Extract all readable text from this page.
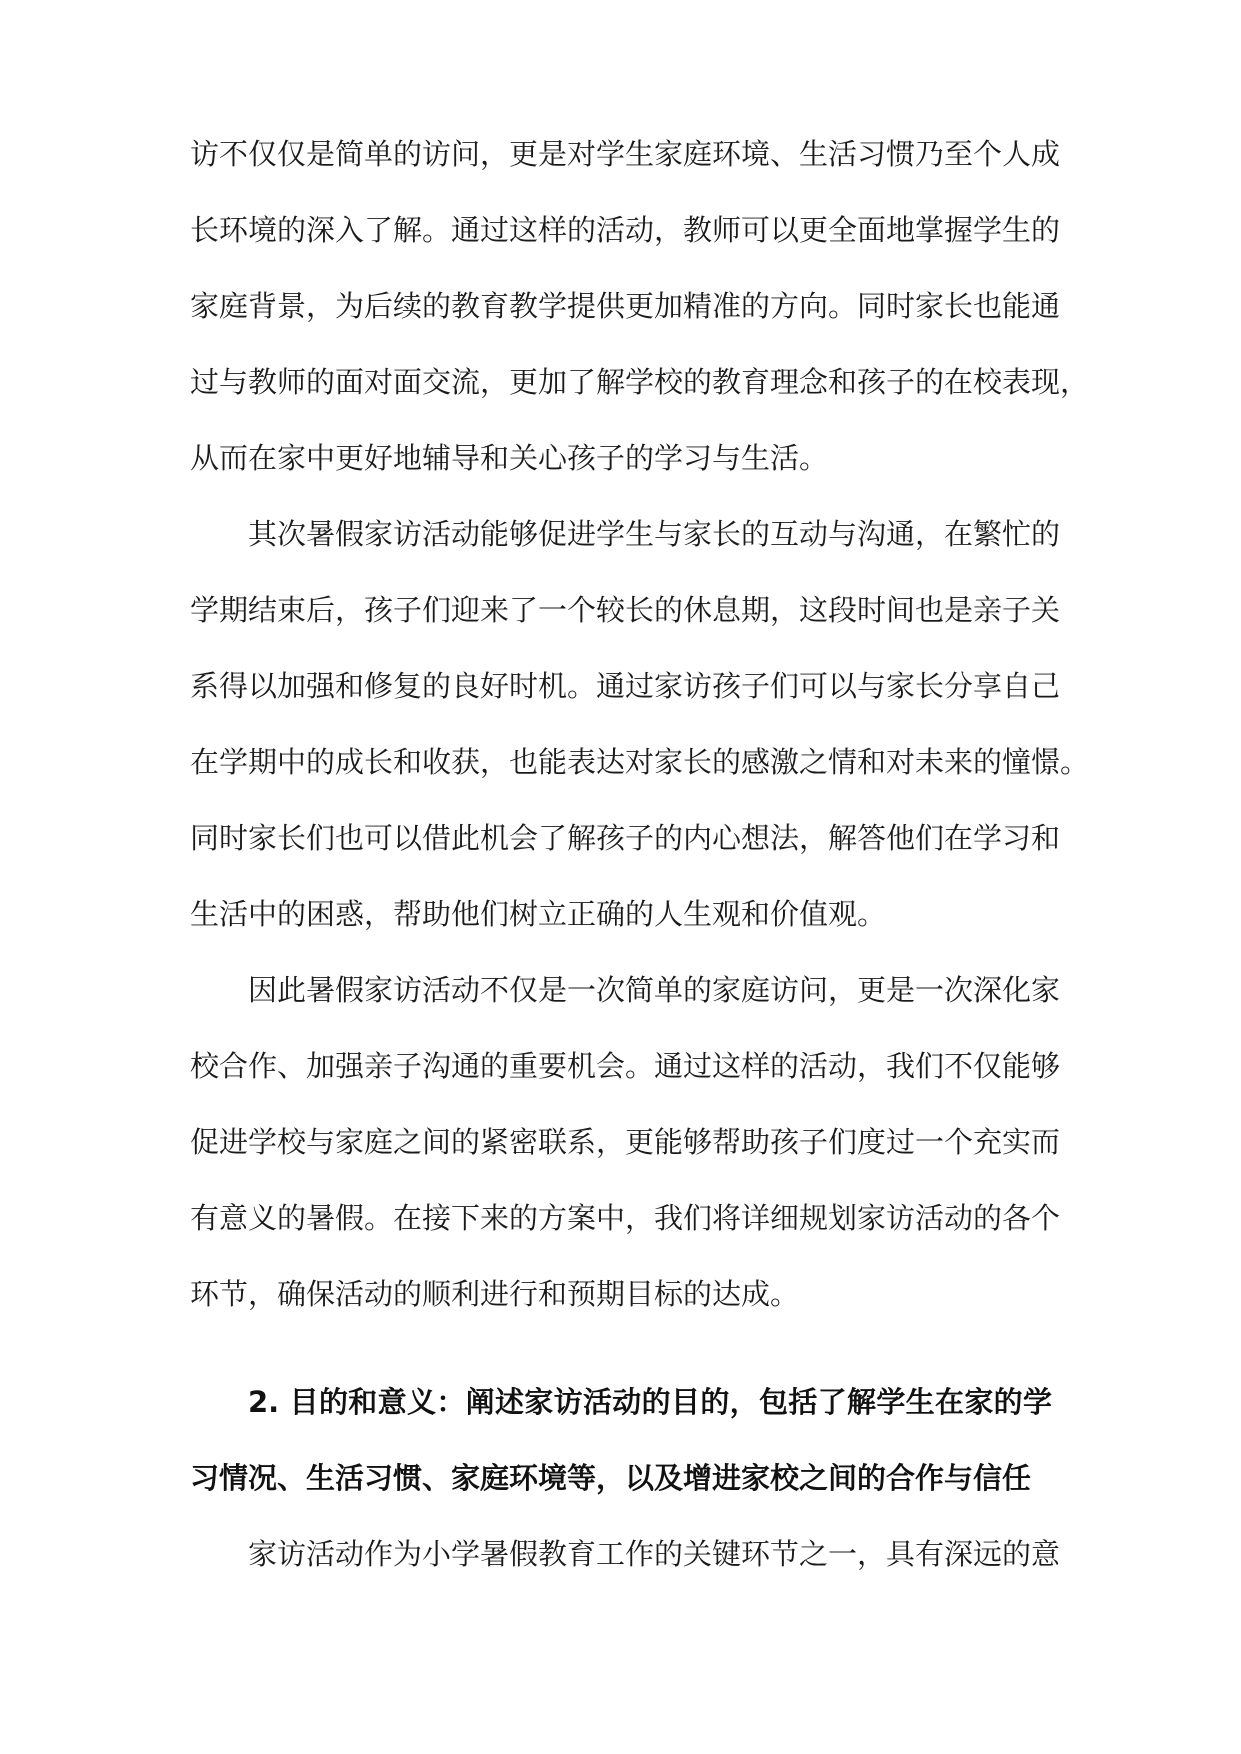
访不仅仅是简单的访问，更是对学生家庭环境、生活习惯乃至个人成
长环境的深入了解。通过这样的活动，教师可以更全面地掌握学生的
家庭背景，为后续的教育教学提供更加精准的方向。同时家长也能通
过与教师的面对面交流，更加了解学校的教育理念和孩子的在校表现，
从而在家中更好地辅导和关心孩子的学习与生活。
其次暑假家访活动能够促进学生与家长的互动与沟通，在繁忙的
学期结束后，孩子们迎来了一个较长的休息期，这段时间也是亲子关
系得以加强和修复的良好时机。通过家访孩子们可以与家长分享自己
在学期中的成长和收获，也能表达对家长的感激之情和对未来的憧憬。
同时家长们也可以借此机会了解孩子的内心想法，解答他们在学习和
生活中的困惑，帮助他们树立正确的人生观和价值观。
因此暑假家访活动不仅是一次简单的家庭访问，更是一次深化家
校合作、加强亲子沟通的重要机会。通过这样的活动，我们不仅能够
促进学校与家庭之间的紧密联系，更能够帮助孩子们度过一个充实而
有意义的暑假。在接下来的方案中，我们将详细规划家访活动的各个
环节，确保活动的顺利进行和预期目标的达成。
2. 目的和意义：阐述家访活动的目的，包括了解学生在家的学
习情况、生活习惯、家庭环境等，以及增进家校之间的合作与信任
家访活动作为小学暑假教育工作的关键环节之一，具有深远的意
